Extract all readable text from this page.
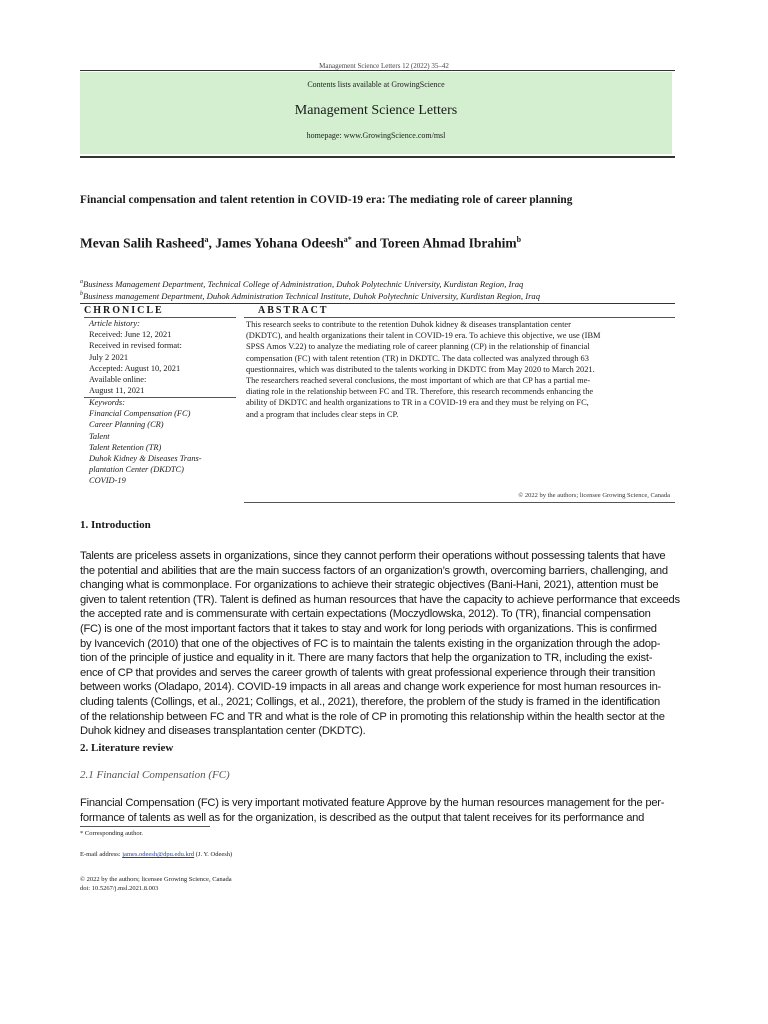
Management Science Letters 12 (2022) 35–42
Contents lists available at GrowingScience
Management Science Letters
homepage: www.GrowingScience.com/msl
Financial compensation and talent retention in COVID-19 era: The mediating role of career planning
Mevan Salih Rasheed$^a$, James Yohana Odeesh$^{a*}$ and Toreen Ahmad Ibrahim$^b$
$^a$Business Management Department, Technical College of Administration, Duhok Polytechnic University, Kurdistan Region, Iraq
$^b$Business management Department, Duhok Administration Technical Institute, Duhok Polytechnic University, Kurdistan Region, Iraq
CHRONICLE	ABSTRACT
Article history:
Received: June 12, 2021
Received in revised format:
July 2 2021
Accepted: August 10, 2021
Available online:
August 11, 2021
Keywords:
Financial Compensation (FC)
Career Planning (CR)
Talent
Talent Retention (TR)
Duhok Kidney & Diseases Trans-
plantation Center (DKDTC)
COVID-19
This research seeks to contribute to the retention Duhok kidney & diseases transplantation center
(DKDTC), and health organizations their talent in COVID-19 era. To achieve this objective, we use (IBM
SPSS Amos V.22) to analyze the mediating role of career planning (CP) in the relationship of financial
compensation (FC) with talent retention (TR) in DKDTC. The data collected was analyzed through 63
questionnaires, which was distributed to the talents working in DKDTC from May 2020 to March 2021.
The researchers reached several conclusions, the most important of which are that CP has a partial me-
diating role in the relationship between FC and TR. Therefore, this research recommends enhancing the
ability of DKDTC and health organizations to TR in a COVID-19 era and they must be relying on FC,
and a program that includes clear steps in CP.
© 2022 by the authors; licensee Growing Science, Canada
1. Introduction
Talents are priceless assets in organizations, since they cannot perform their operations without possessing talents that have
the potential and abilities that are the main success factors of an organization’s growth, overcoming barriers, challenging, and
changing what is commonplace. For organizations to achieve their strategic objectives (Bani-Hani, 2021), attention must be
given to talent retention (TR). Talent is defined as human resources that have the capacity to achieve performance that exceeds
the accepted rate and is commensurate with certain expectations (Moczydlowska, 2012). To (TR), financial compensation
(FC) is one of the most important factors that it takes to stay and work for long periods with organizations. This is confirmed
by Ivancevich (2010) that one of the objectives of FC is to maintain the talents existing in the organization through the adop-
tion of the principle of justice and equality in it. There are many factors that help the organization to TR, including the exist-
ence of CP that provides and serves the career growth of talents with great professional experience through their transition
between works (Oladapo, 2014). COVID-19 impacts in all areas and change work experience for most human resources in-
cluding talents (Collings, et al., 2021; Collings, et al., 2021), therefore, the problem of the study is framed in the identification
of the relationship between FC and TR and what is the role of CP in promoting this relationship within the health sector at the
Duhok kidney and diseases transplantation center (DKDTC).
2. Literature review
2.1 Financial Compensation (FC)
Financial Compensation (FC) is very important motivated feature Approve by the human resources management for the per-
formance of talents as well as for the organization, is described as the output that talent receives for its performance and
* Corresponding author.
E-mail address: james.odeesh@dpu.edu.krd (J. Y. Odeesh)
© 2022 by the authors; licensee Growing Science, Canada
doi: 10.5267/j.msl.2021.8.003
